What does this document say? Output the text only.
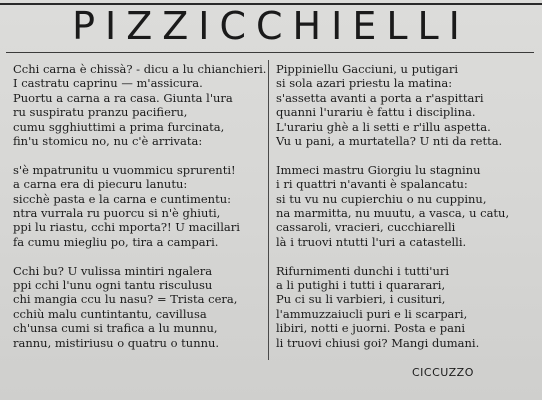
PIZZICCHIELLI
Cchi carna è chissà? - dicu a lu chianchieri.
I castratu caprinu — m'assicura.
Puortu a carna a ra casa. Giunta l'ura
ru suspiratu pranzu pacifieru,
cumu sgghiuttimi a prima furcinata,
fin'u stomicu no, nu c'è arrivata:
s'è mpatrunitu u vuommicu sprurenti!
a carna era di piecuru lanutu:
sicchè pasta e la carna e cuntimentu:
ntra vurrala ru puorcu si n'è ghiuti,
ppi lu riastu, cchi mporta?! U macillari
fa cumu miegliu po, tira a campari.
Cchi bu? U vulissa mintiri ngalera
ppi cchi l'unu ogni tantu risculusu
chi mangia ccu lu nasu? = Trista cera,
cchiù malu cuntintantu, cavillusa
ch'unsa cumi si trafica a lu munnu,
rannu, mistiriusu o quatru o tunnu.
Pippiniellu Gacciuni, u putigari
si sola azari priestu la matina:
s'assetta avanti a porta a r'aspittari
quanni l'urariu è fattu i disciplina.
L'urariu ghè a li setti e r'illu aspetta.
Vu u pani, a murtatella? U nti da retta.
Immeci mastru Giorgiu lu stagninu
i ri quattri n'avanti è spalancatu:
si tu vu nu cupierchiu o nu cuppinu,
na marmitta, nu muutu, a vasca, u catu,
cassaroli, vracieri, cucchiarelli
là i truovi ntutti l'uri a catastelli.
Rifurnimenti dunchi i tutti'uri
a li putighi i tutti i quararari,
Pu ci su li varbieri, i cusituri,
l'ammuzzaiucli puri e li scarpari,
libiri, notti e juorni. Posta e pani
li truovi chiusi goi? Mangi dumani.
CICCUZZO
